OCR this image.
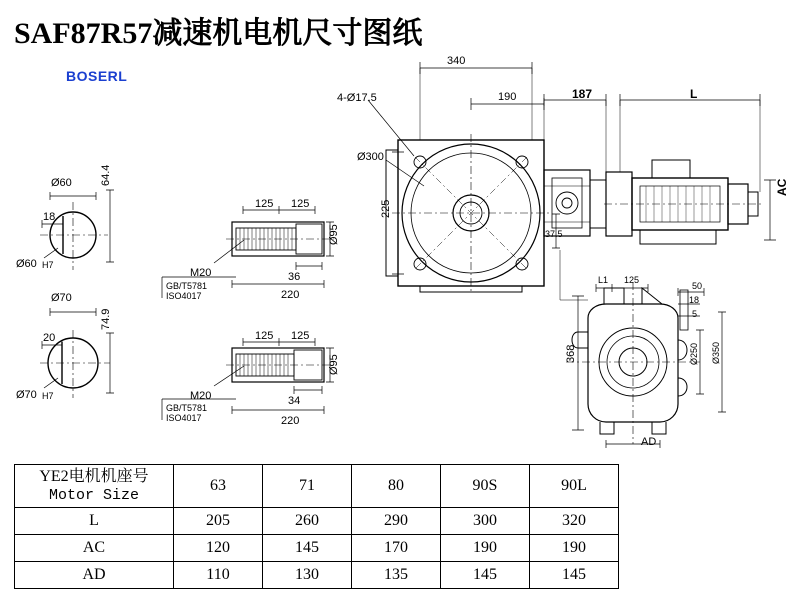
SAF87R57减速机电机尺寸图纸
BOSERL
340
4-Ø17.5	190	187	L
Ø300
225
37.5
AC
Ø60	64.4
18
Ø60 H7
Ø70
74.9
20
Ø70 H7
125 125
M20
GB/T5781
ISO4017
36
220
Ø95
125 125
M20
GB/T5781
ISO4017
34
220
Ø95
L1 125
50
18
5
368	Ø250 Ø350
AD
YE2电机机座号 Motor Size	63	71	80	90S	90L
L	205	260	290	300	320
AC	120	145	170	190	190
AD	110	130	135	145	145
